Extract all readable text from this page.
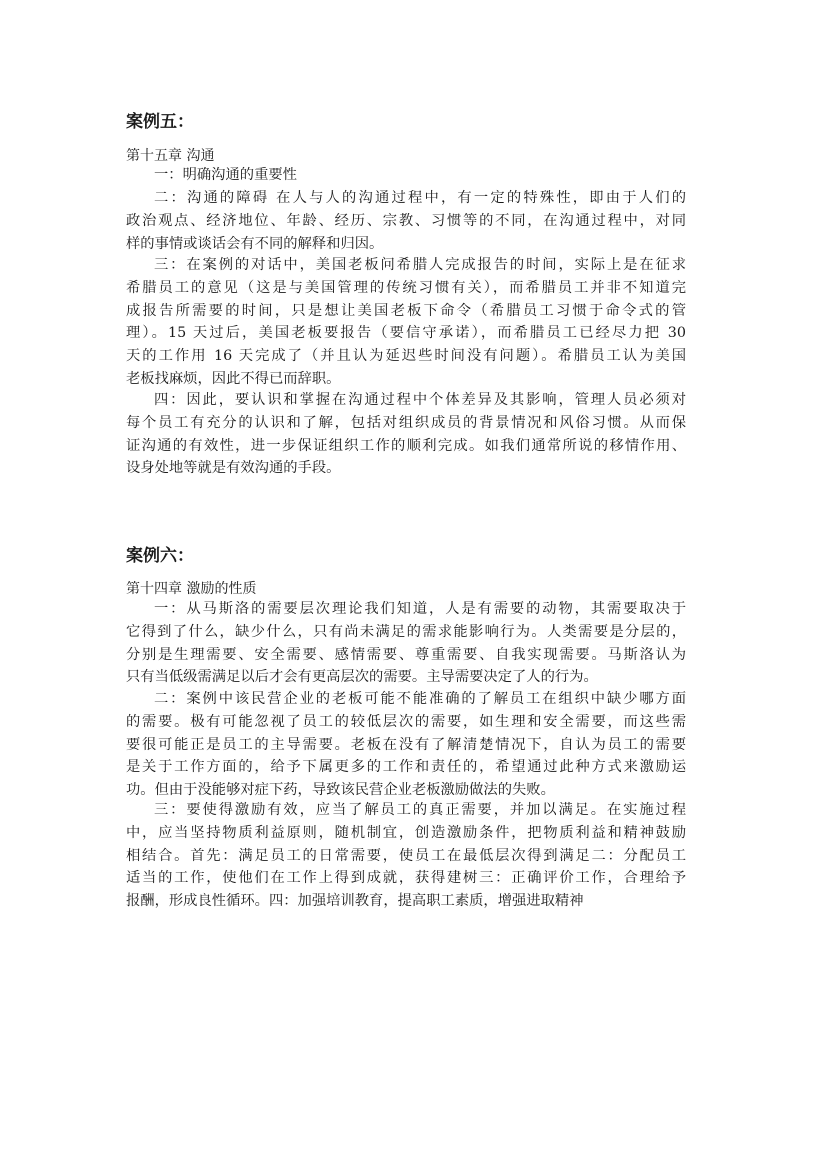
案例五：
第十五章 沟通
一：明确沟通的重要性
二：沟通的障碍 在人与人的沟通过程中，有一定的特殊性，即由于人们的
政治观点、经济地位、年龄、经历、宗教、习惯等的不同，在沟通过程中，对同
样的事情或谈话会有不同的解释和归因。
三：在案例的对话中，美国老板问希腊人完成报告的时间，实际上是在征求
希腊员工的意见（这是与美国管理的传统习惯有关），而希腊员工并非不知道完
成报告所需要的时间，只是想让美国老板下命令（希腊员工习惯于命令式的管
理）。15 天过后，美国老板要报告（要信守承诺），而希腊员工已经尽力把 30
天的工作用 16 天完成了（并且认为延迟些时间没有问题）。希腊员工认为美国
老板找麻烦，因此不得已而辞职。
四：因此，要认识和掌握在沟通过程中个体差异及其影响，管理人员必须对
每个员工有充分的认识和了解，包括对组织成员的背景情况和风俗习惯。从而保
证沟通的有效性，进一步保证组织工作的顺利完成。如我们通常所说的移情作用、
设身处地等就是有效沟通的手段。
案例六：
第十四章 激励的性质
一：从马斯洛的需要层次理论我们知道，人是有需要的动物，其需要取决于
它得到了什么，缺少什么，只有尚未满足的需求能影响行为。人类需要是分层的，
分别是生理需要、安全需要、感情需要、尊重需要、自我实现需要。马斯洛认为
只有当低级需满足以后才会有更高层次的需要。主导需要决定了人的行为。
二：案例中该民营企业的老板可能不能准确的了解员工在组织中缺少哪方面
的需要。极有可能忽视了员工的较低层次的需要，如生理和安全需要，而这些需
要很可能正是员工的主导需要。老板在没有了解清楚情况下，自认为员工的需要
是关于工作方面的，给予下属更多的工作和责任的，希望通过此种方式来激励运
功。但由于没能够对症下药，导致该民营企业老板激励做法的失败。
三：要使得激励有效，应当了解员工的真正需要，并加以满足。在实施过程
中，应当坚持物质利益原则，随机制宜，创造激励条件，把物质利益和精神鼓励
相结合。首先：满足员工的日常需要，使员工在最低层次得到满足二：分配员工
适当的工作，使他们在工作上得到成就，获得建树三：正确评价工作，合理给予
报酬，形成良性循环。四：加强培训教育，提高职工素质，增强进取精神
